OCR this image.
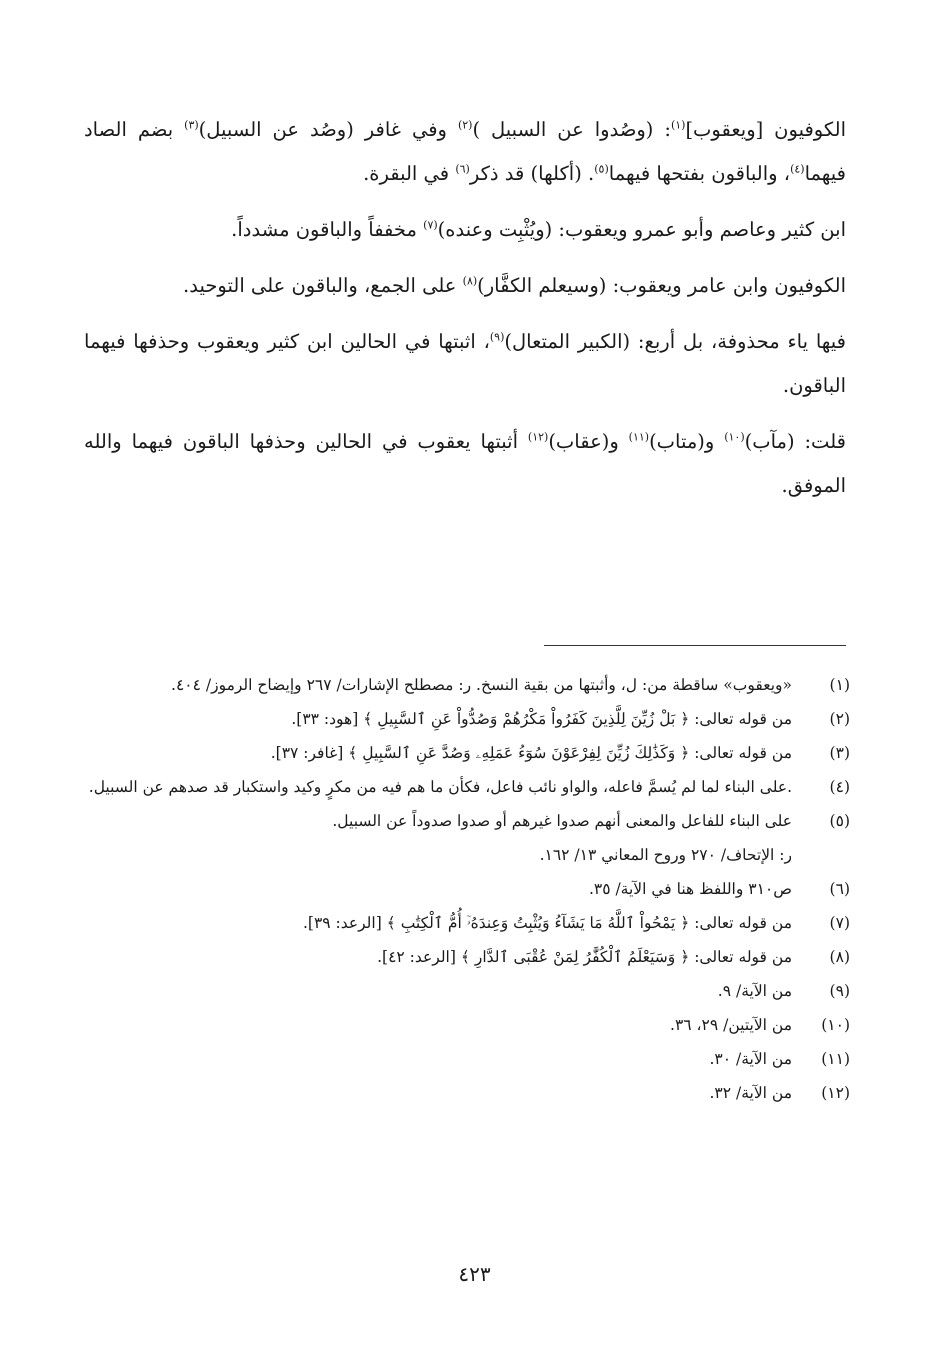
الكوفيون [ويعقوب]$^{(١)}$: (وصُدوا عن السبيل )$^{(٢)}$ وفي غافر (وصُد عن السبيل)$^{(٣)}$ بضم الصاد فيهما$^{(٤)}$، والباقون بفتحها فيهما$^{(٥)}$. (أكلها) قد ذكر$^{(٦)}$ في البقرة.

ابن كثير وعاصم وأبو عمرو ويعقوب: (ويُثْبِت وعنده)$^{(٧)}$ مخففاً والباقون مشدداً.

الكوفيون وابن عامر ويعقوب: (وسيعلم الكفَّار)$^{(٨)}$ على الجمع، والباقون على التوحيد.

فيها ياء محذوفة، بل أربع: (الكبير المتعال)$^{(٩)}$، اثبتها في الحالين ابن كثير ويعقوب وحذفها فيهما الباقون.

قلت: (مآب)$^{(١٠)}$ و(متاب)$^{(١١)}$ و(عقاب)$^{(١٢)}$ أثبتها يعقوب في الحالين وحذفها الباقون فيهما والله الموفق.

(١)
«ويعقوب» ساقطة من: ل، وأثبتها من بقية النسخ. ر: مصطلح الإشارات/ ٢٦٧ وإيضاح الرموز/ ٤٠٤.
(٢)
من قوله تعالى: ﴿ بَلْ زُيِّنَ لِلَّذِينَ كَفَرُواْ مَكْرُهُمْ وَصُدُّواْ عَنِ ٱلسَّبِيلِ ﴾ [هود: ٣٣].
(٣)
من قوله تعالى: ﴿ وَكَذَٰلِكَ زُيِّنَ لِفِرْعَوْنَ سُوٓءُ عَمَلِهِۦ وَصُدَّ عَنِ ٱلسَّبِيلِ ﴾ [غافر: ٣٧].
(٤)
.على البناء لما لم يُسمَّ فاعله، والواو نائب فاعل، فكأن ما هم فيه من مكرٍ وكيد واستكبار قد صدهم عن السبيل.
(٥)
على البناء للفاعل والمعنى أنهم صدوا غيرهم أو صدوا صدوداً عن السبيل.
ر: الإتحاف/ ٢٧٠ وروح المعاني ١٣/ ١٦٢.
(٦)
ص٣١٠ واللفظ هنا في الآية/ ٣٥.
(٧)
من قوله تعالى: ﴿ يَمْحُواْ ٱللَّهُ مَا يَشَآءُ وَيُثْبِتُ وَعِندَهُۥٓ أُمُّ ٱلْكِتَٰبِ ﴾ [الرعد: ٣٩].
(٨)
من قوله تعالى: ﴿ وَسَيَعْلَمُ ٱلْكُفَّٰرُ لِمَنْ عُقْبَى ٱلدَّارِ ﴾ [الرعد: ٤٢].
(٩)
من الآية/ ٩.
(١٠)
من الآيتين/ ٢٩، ٣٦.
(١١)
من الآية/ ٣٠.
(١٢)
من الآية/ ٣٢.
٤٢٣
